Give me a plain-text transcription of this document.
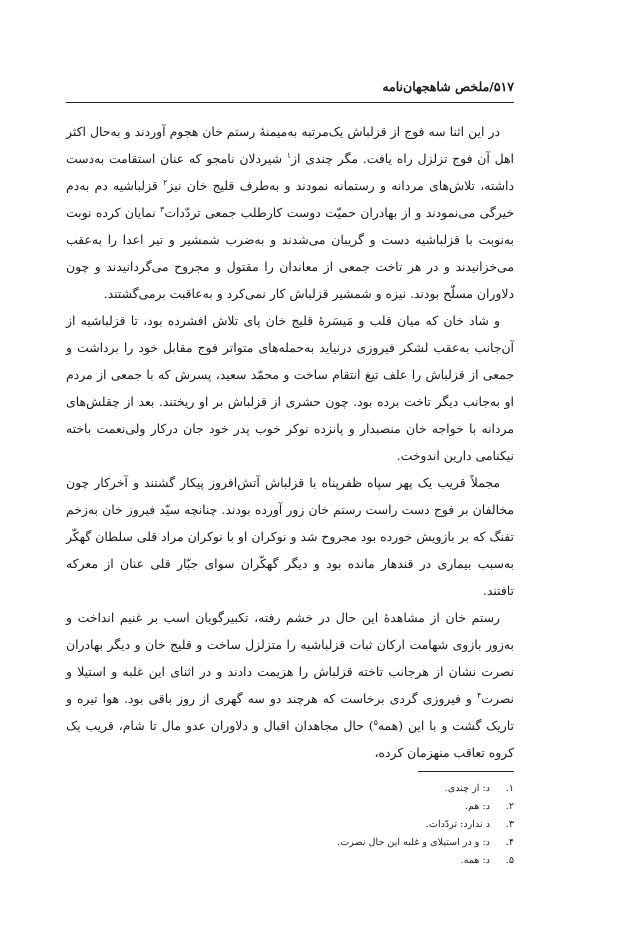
۵۱۷/ملخص شاهجهان‌نامه

در این اثنا سه فوج از قزلباش یک‌مرتبه به‌میمنهٔ رستم خان هجوم آوردند و به‌حال اکثر اهل آن فوج تزلزل راه یافت. مگر چندی از$^۱$ شیردلان نامجو که عنان استقامت به‌دست داشته، تلاش‌های مردانه و رستمانه نمودند و به‌طرف قلیج خان نیز$^۲$ قزلباشیه دم به‌دم خیرگی می‌نمودند و از بهادران حمیّت دوست کارطلب جمعی تردّدات$^۳$ نمایان کرده نوبت به‌نوبت با قزلباشیه دست و گریبان می‌شدند و به‌ضرب شمشیر و تیر اعدا را به‌عقب می‌خزانیدند و در هر تاخت جمعی از معاندان را مقتول و مجروح می‌گردانیدند و چون دلاوران مسلّح بودند. نیزه و شمشیر قزلباش کار نمی‌کرد و به‌عاقبت برمی‌گشتند.

و شاد خان که میان قلب و مَیسَرهٔ قلیج خان پای تلاش افشرده بود، تا قزلباشیه از آن‌جانب به‌عقب لشکر فیروزی درنیاید به‌حمله‌های متواتر فوج مقابل خود را برداشت و جمعی از قزلباش را علف تیغ انتقام ساخت و محمّد سعید، پسرش که با جمعی از مردم او به‌جانب دیگر تاخت برده بود. چون حشری از قزلباش بر او ریختند. بعد از چقلش‌های مردانه با خواجه خان منصبدار و پانزده نوکر خوب پدر خود جان درکار ولی‌نعمت باخته نیکنامی دارین اندوخت.

مجملاً قریب یک پهر سپاه ظفرپناه با قزلباش آتش‌افروز پیکار گشتند و آخرکار چون مخالفان بر فوج دست راست رستم خان زور آورده بودند. چنانچه سیّد فیروز خان به‌زخم تفنگ که بر بازویش خورده بود مجروح شد و نوکران او با نوکران مراد قلی سلطان گهکّر به‌سبب بیماری در قندهار مانده بود و دیگر گهکّران سوای جبّار قلی عنان از معرکه تافتند.

رستم خان از مشاهدهٔ این حال در خشم رفته، تکبیرگویان اسب بر غنیم انداخت و به‌زور بازوی شهامت ارکان ثبات قزلباشیه را متزلزل ساخت و قلیج خان و دیگر بهادران نصرت نشان از هرجانب تاخته قزلباش را هزیمت دادند و در اثنای این غلبه و استیلا و نصرت$^۴$ و فیروزی گردی برخاست که هرچند دو سه گهری از روز باقی بود. هوا تیره و تاریک گشت و با این (همه$^۵$) حال مجاهدان اقبال و دلاوران عدو مال تا شام، قریب یک کروه تعاقب منهزمان کرده،

۱.
د: از چندی.
۲.
د: هم.
۳.
د ندارد: تردّدات.
۴.
د: و در استیلای و غلبه این حال نصرت.
۵.
د: همه.
